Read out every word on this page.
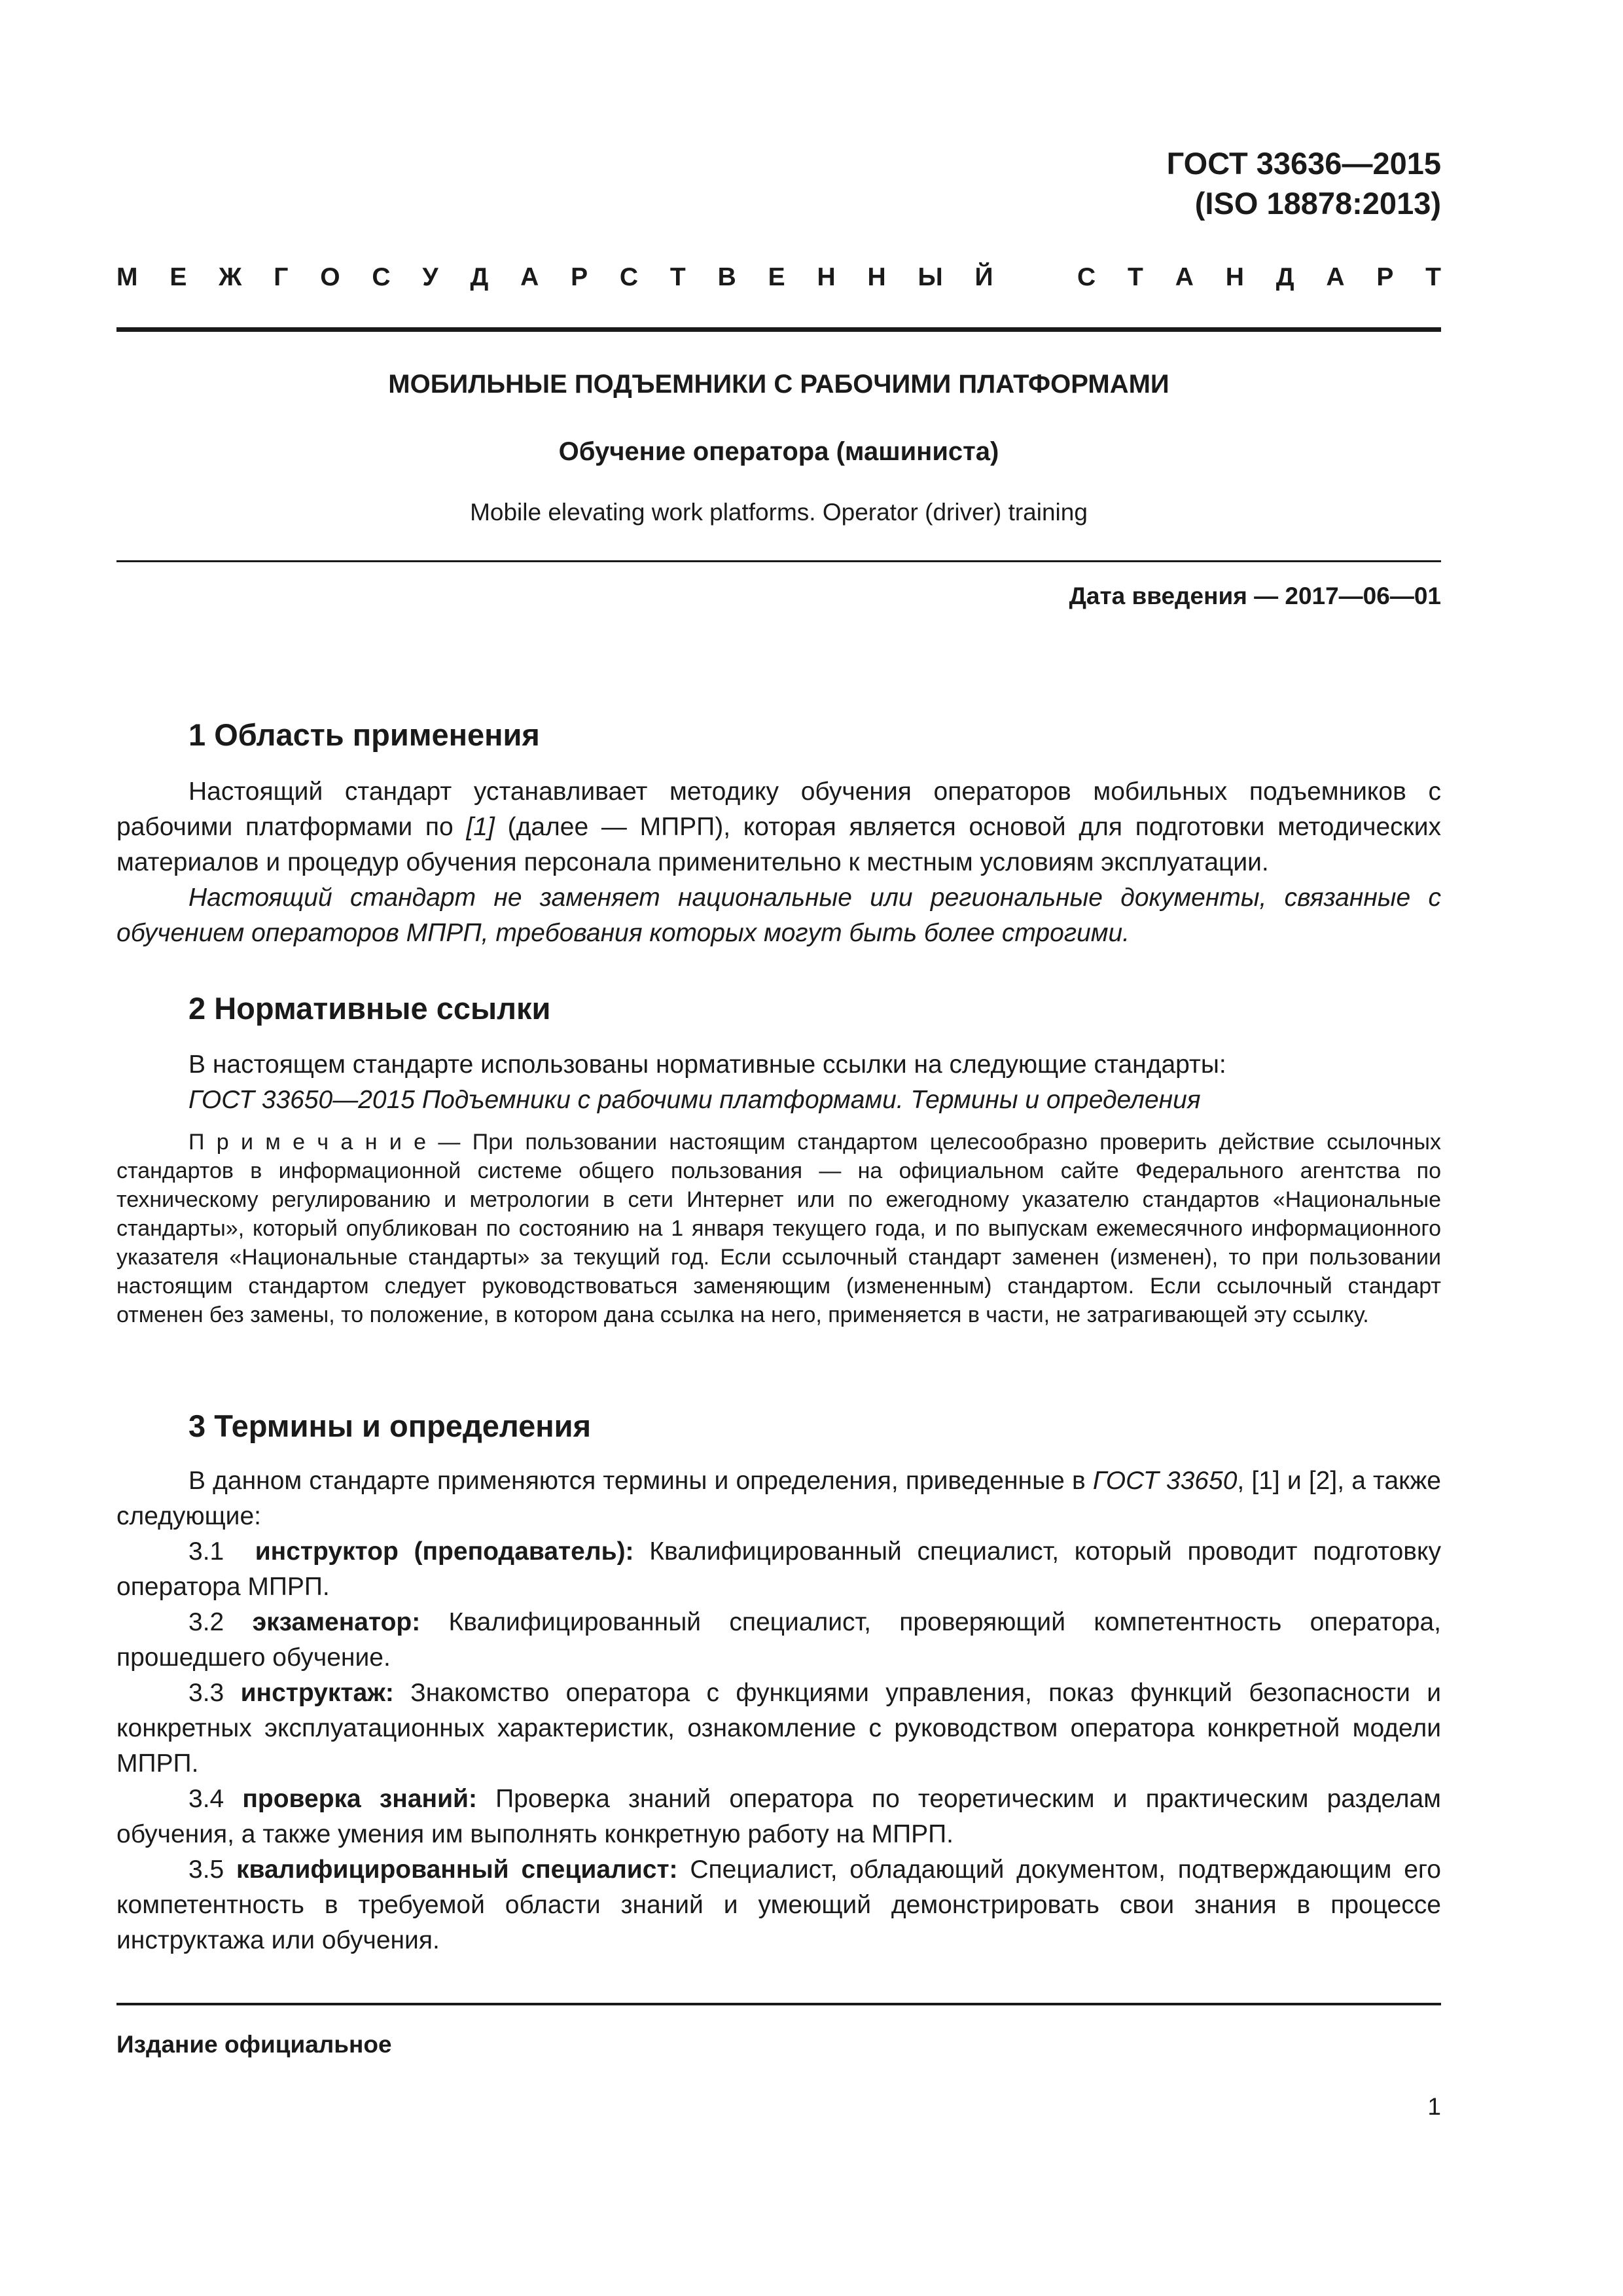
ГОСТ 33636—2015
(ISO 18878:2013)
М Е Ж Г О С У Д А Р С Т В Е Н Н Ы Й	С Т А Н Д А Р Т
МОБИЛЬНЫЕ ПОДЪЕМНИКИ С РАБОЧИМИ ПЛАТФОРМАМИ
Обучение оператора (машиниста)
Mobile elevating work platforms. Operator (driver) training
Дата введения — 2017—06—01
1 Область применения

Настоящий стандарт устанавливает методику обучения операторов мобильных подъемников с рабочими платформами по [1] (далее — МПРП), которая является основой для подготовки методических материалов и процедур обучения персонала применительно к местным условиям эксплуатации.

Настоящий стандарт не заменяет национальные или региональные документы, связанные с обучением операторов МПРП, требования которых могут быть более строгими.

2 Нормативные ссылки

В настоящем стандарте использованы нормативные ссылки на следующие стандарты:

ГОСТ 33650—2015 Подъемники с рабочими платформами. Термины и определения

П р и м е ч а н и е — При пользовании настоящим стандартом целесообразно проверить действие ссылочных стандартов в информационной системе общего пользования — на официальном сайте Федерального агентства по техническому регулированию и метрологии в сети Интернет или по ежегодному указателю стандартов «Национальные стандарты», который опубликован по состоянию на 1 января текущего года, и по выпускам ежемесячного информационного указателя «Национальные стандарты» за текущий год. Если ссылочный стандарт заменен (изменен), то при пользовании настоящим стандартом следует руководствоваться заменяющим (измененным) стандартом. Если ссылочный стандарт отменен без замены, то положение, в котором дана ссылка на него, применяется в части, не затрагивающей эту ссылку.
3 Термины и определения

В данном стандарте применяются термины и определения, приведенные в ГОСТ 33650, [1] и [2], а также следующие:

3.1 инструктор (преподаватель): Квалифицированный специалист, который проводит подготовку оператора МПРП.

3.2 экзаменатор: Квалифицированный специалист, проверяющий компетентность оператора, прошедшего обучение.

3.3 инструктаж: Знакомство оператора с функциями управления, показ функций безопасности и конкретных эксплуатационных характеристик, ознакомление с руководством оператора конкретной модели МПРП.

3.4 проверка знаний: Проверка знаний оператора по теоретическим и практическим разделам обучения, а также умения им выполнять конкретную работу на МПРП.

3.5 квалифицированный специалист: Специалист, обладающий документом, подтверждающим его компетентность в требуемой области знаний и умеющий демонстрировать свои знания в процессе инструктажа или обучения.

Издание официальное
1
